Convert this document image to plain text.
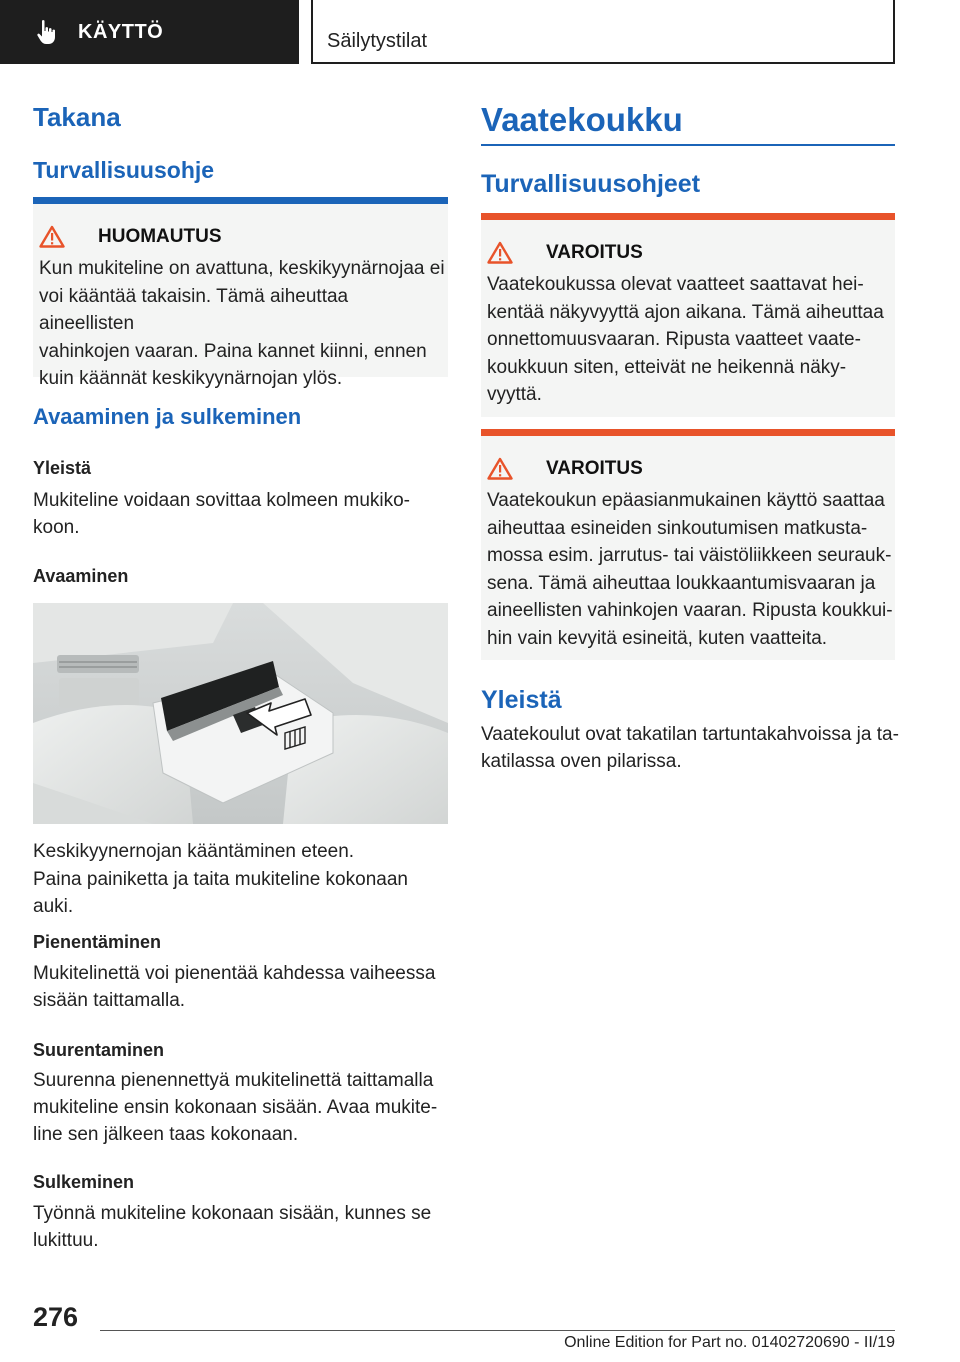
KÄYTTÖ	Säilytystilat
Takana
Turvallisuusohje
HUOMAUTUS
Kun mukiteline on avattuna, keskikyynärnojaa ei
voi kääntää takaisin. Tämä aiheuttaa aineellisten
vahinkojen vaaran. Paina kannet kiinni, ennen
kuin käännät keskikyynärnojan ylös.
Avaaminen ja sulkeminen
Yleistä
Mukiteline voidaan sovittaa kolmeen mukiko-
koon.
Avaaminen
Keskikyynernojan kääntäminen eteen.
Paina painiketta ja taita mukiteline kokonaan auki.
Pienentäminen
Mukitelinettä voi pienentää kahdessa vaiheessa
sisään taittamalla.
Suurentaminen
Suurenna pienennettyä mukitelinettä taittamalla
mukiteline ensin kokonaan sisään. Avaa mukite-
line sen jälkeen taas kokonaan.
Sulkeminen
Työnnä mukiteline kokonaan sisään, kunnes se
lukittuu.
Vaatekoukku
Turvallisuusohjeet
VAROITUS
Vaatekoukussa olevat vaatteet saattavat hei-
kentää näkyvyyttä ajon aikana. Tämä aiheuttaa
onnettomuusvaaran. Ripusta vaatteet vaate-
koukkuun siten, etteivät ne heikennä näky-
vyyttä.
VAROITUS
Vaatekoukun epäasianmukainen käyttö saattaa
aiheuttaa esineiden sinkoutumisen matkusta-
mossa esim. jarrutus- tai väistöliikkeen seurauk-
sena. Tämä aiheuttaa loukkaantumisvaaran ja
aineellisten vahinkojen vaaran. Ripusta koukkui-
hin vain kevyitä esineitä, kuten vaatteita.
Yleistä
Vaatekoulut ovat takatilan tartuntakahvoissa ja ta-
katilassa oven pilarissa.
276
Online Edition for Part no. 01402720690 - II/19
